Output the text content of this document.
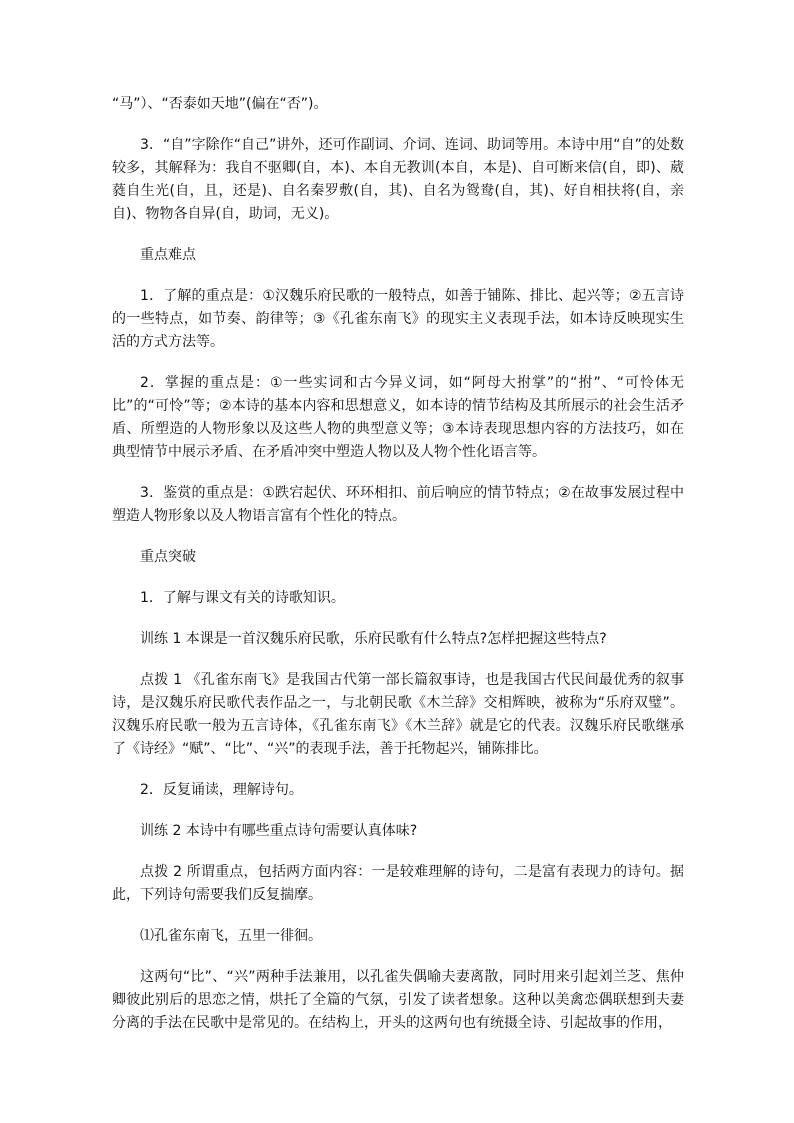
“马”）、“否泰如天地”(偏在“否”)。

3．“自”字除作“自己”讲外，还可作副词、介词、连词、助词等用。本诗中用“自”的处数较多，其解释为：我自不驱卿(自，本)、本自无教训(本自，本是)、自可断来信(自，即)、葳蕤自生光(自，且，还是)、自名秦罗敷(自，其)、自名为鸳鸯(自，其)、好自相扶将(自，亲自)、物物各自异(自，助词，无义)。

重点难点

1．了解的重点是：①汉魏乐府民歌的一般特点，如善于铺陈、排比、起兴等；②五言诗的一些特点，如节奏、韵律等；③《孔雀东南飞》的现实主义表现手法，如本诗反映现实生活的方式方法等。

2．掌握的重点是：①一些实词和古今异义词，如“阿母大拊掌”的“拊”、“可怜体无比”的“可怜”等；②本诗的基本内容和思想意义，如本诗的情节结构及其所展示的社会生活矛盾、所塑造的人物形象以及这些人物的典型意义等；③本诗表现思想内容的方法技巧，如在典型情节中展示矛盾、在矛盾冲突中塑造人物以及人物个性化语言等。

3．鉴赏的重点是：①跌宕起伏、环环相扣、前后响应的情节特点；②在故事发展过程中塑造人物形象以及人物语言富有个性化的特点。

重点突破

1．了解与课文有关的诗歌知识。

训练 1 本课是一首汉魏乐府民歌，乐府民歌有什么特点?怎样把握这些特点?

点拨 1 《孔雀东南飞》是我国古代第一部长篇叙事诗，也是我国古代民间最优秀的叙事诗，是汉魏乐府民歌代表作品之一，与北朝民歌《木兰辞》交相辉映，被称为“乐府双璧”。汉魏乐府民歌一般为五言诗体，《孔雀东南飞》《木兰辞》就是它的代表。汉魏乐府民歌继承了《诗经》“赋”、“比”、“兴”的表现手法，善于托物起兴，铺陈排比。

2．反复诵读，理解诗句。

训练 2 本诗中有哪些重点诗句需要认真体味?

点拨 2 所谓重点，包括两方面内容：一是较难理解的诗句，二是富有表现力的诗句。据此，下列诗句需要我们反复揣摩。

⑴孔雀东南飞，五里一徘徊。

这两句“比”、“兴”两种手法兼用，以孔雀失偶喻夫妻离散，同时用来引起刘兰芝、焦仲卿彼此别后的思恋之情，烘托了全篇的气氛，引发了读者想象。这种以美禽恋偶联想到夫妻分离的手法在民歌中是常见的。在结构上，开头的这两句也有统摄全诗、引起故事的作用，
